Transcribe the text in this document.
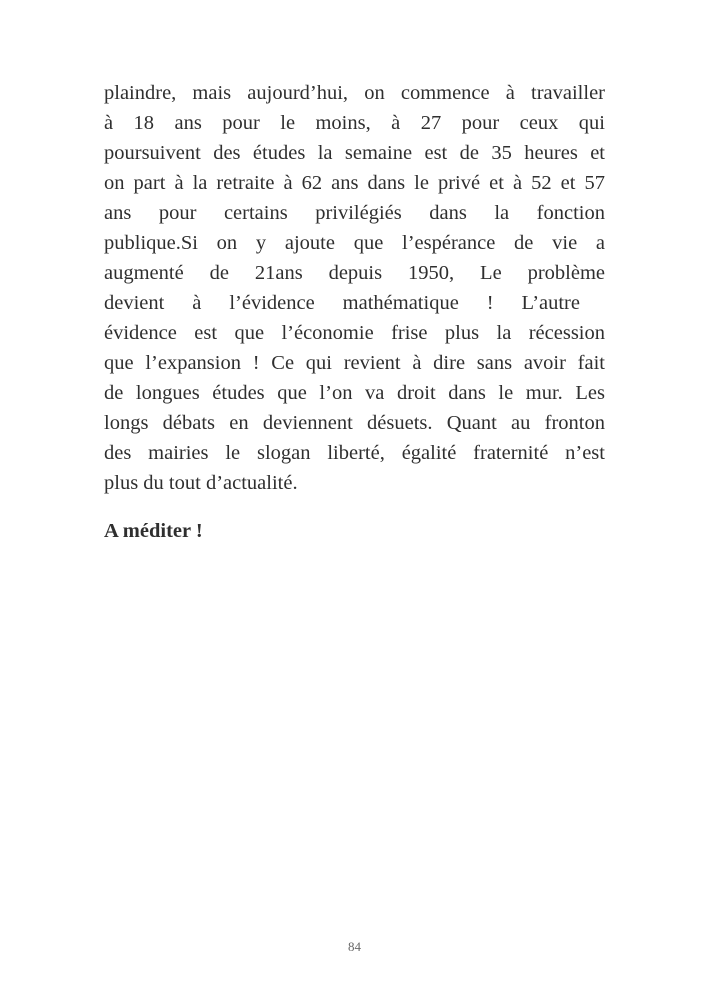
plaindre, mais aujourd’hui, on commence à travailler
à 18 ans pour le moins, à 27 pour ceux qui
poursuivent des études la semaine est de 35 heures et
on part à la retraite à 62 ans dans le privé et à 52 et 57
ans pour certains privilégiés dans la fonction
publique.Si on y ajoute que l’espérance de vie a
augmenté de 21ans depuis 1950, Le problème
devient à l’évidence mathématique ! L’autre
évidence est que l’économie frise plus la récession
que l’expansion ! Ce qui revient à dire sans avoir fait
de longues études que l’on va droit dans le mur. Les
longs débats en deviennent désuets. Quant au fronton
des mairies le slogan liberté, égalité fraternité n’est
plus du tout d’actualité.
A méditer !
84
